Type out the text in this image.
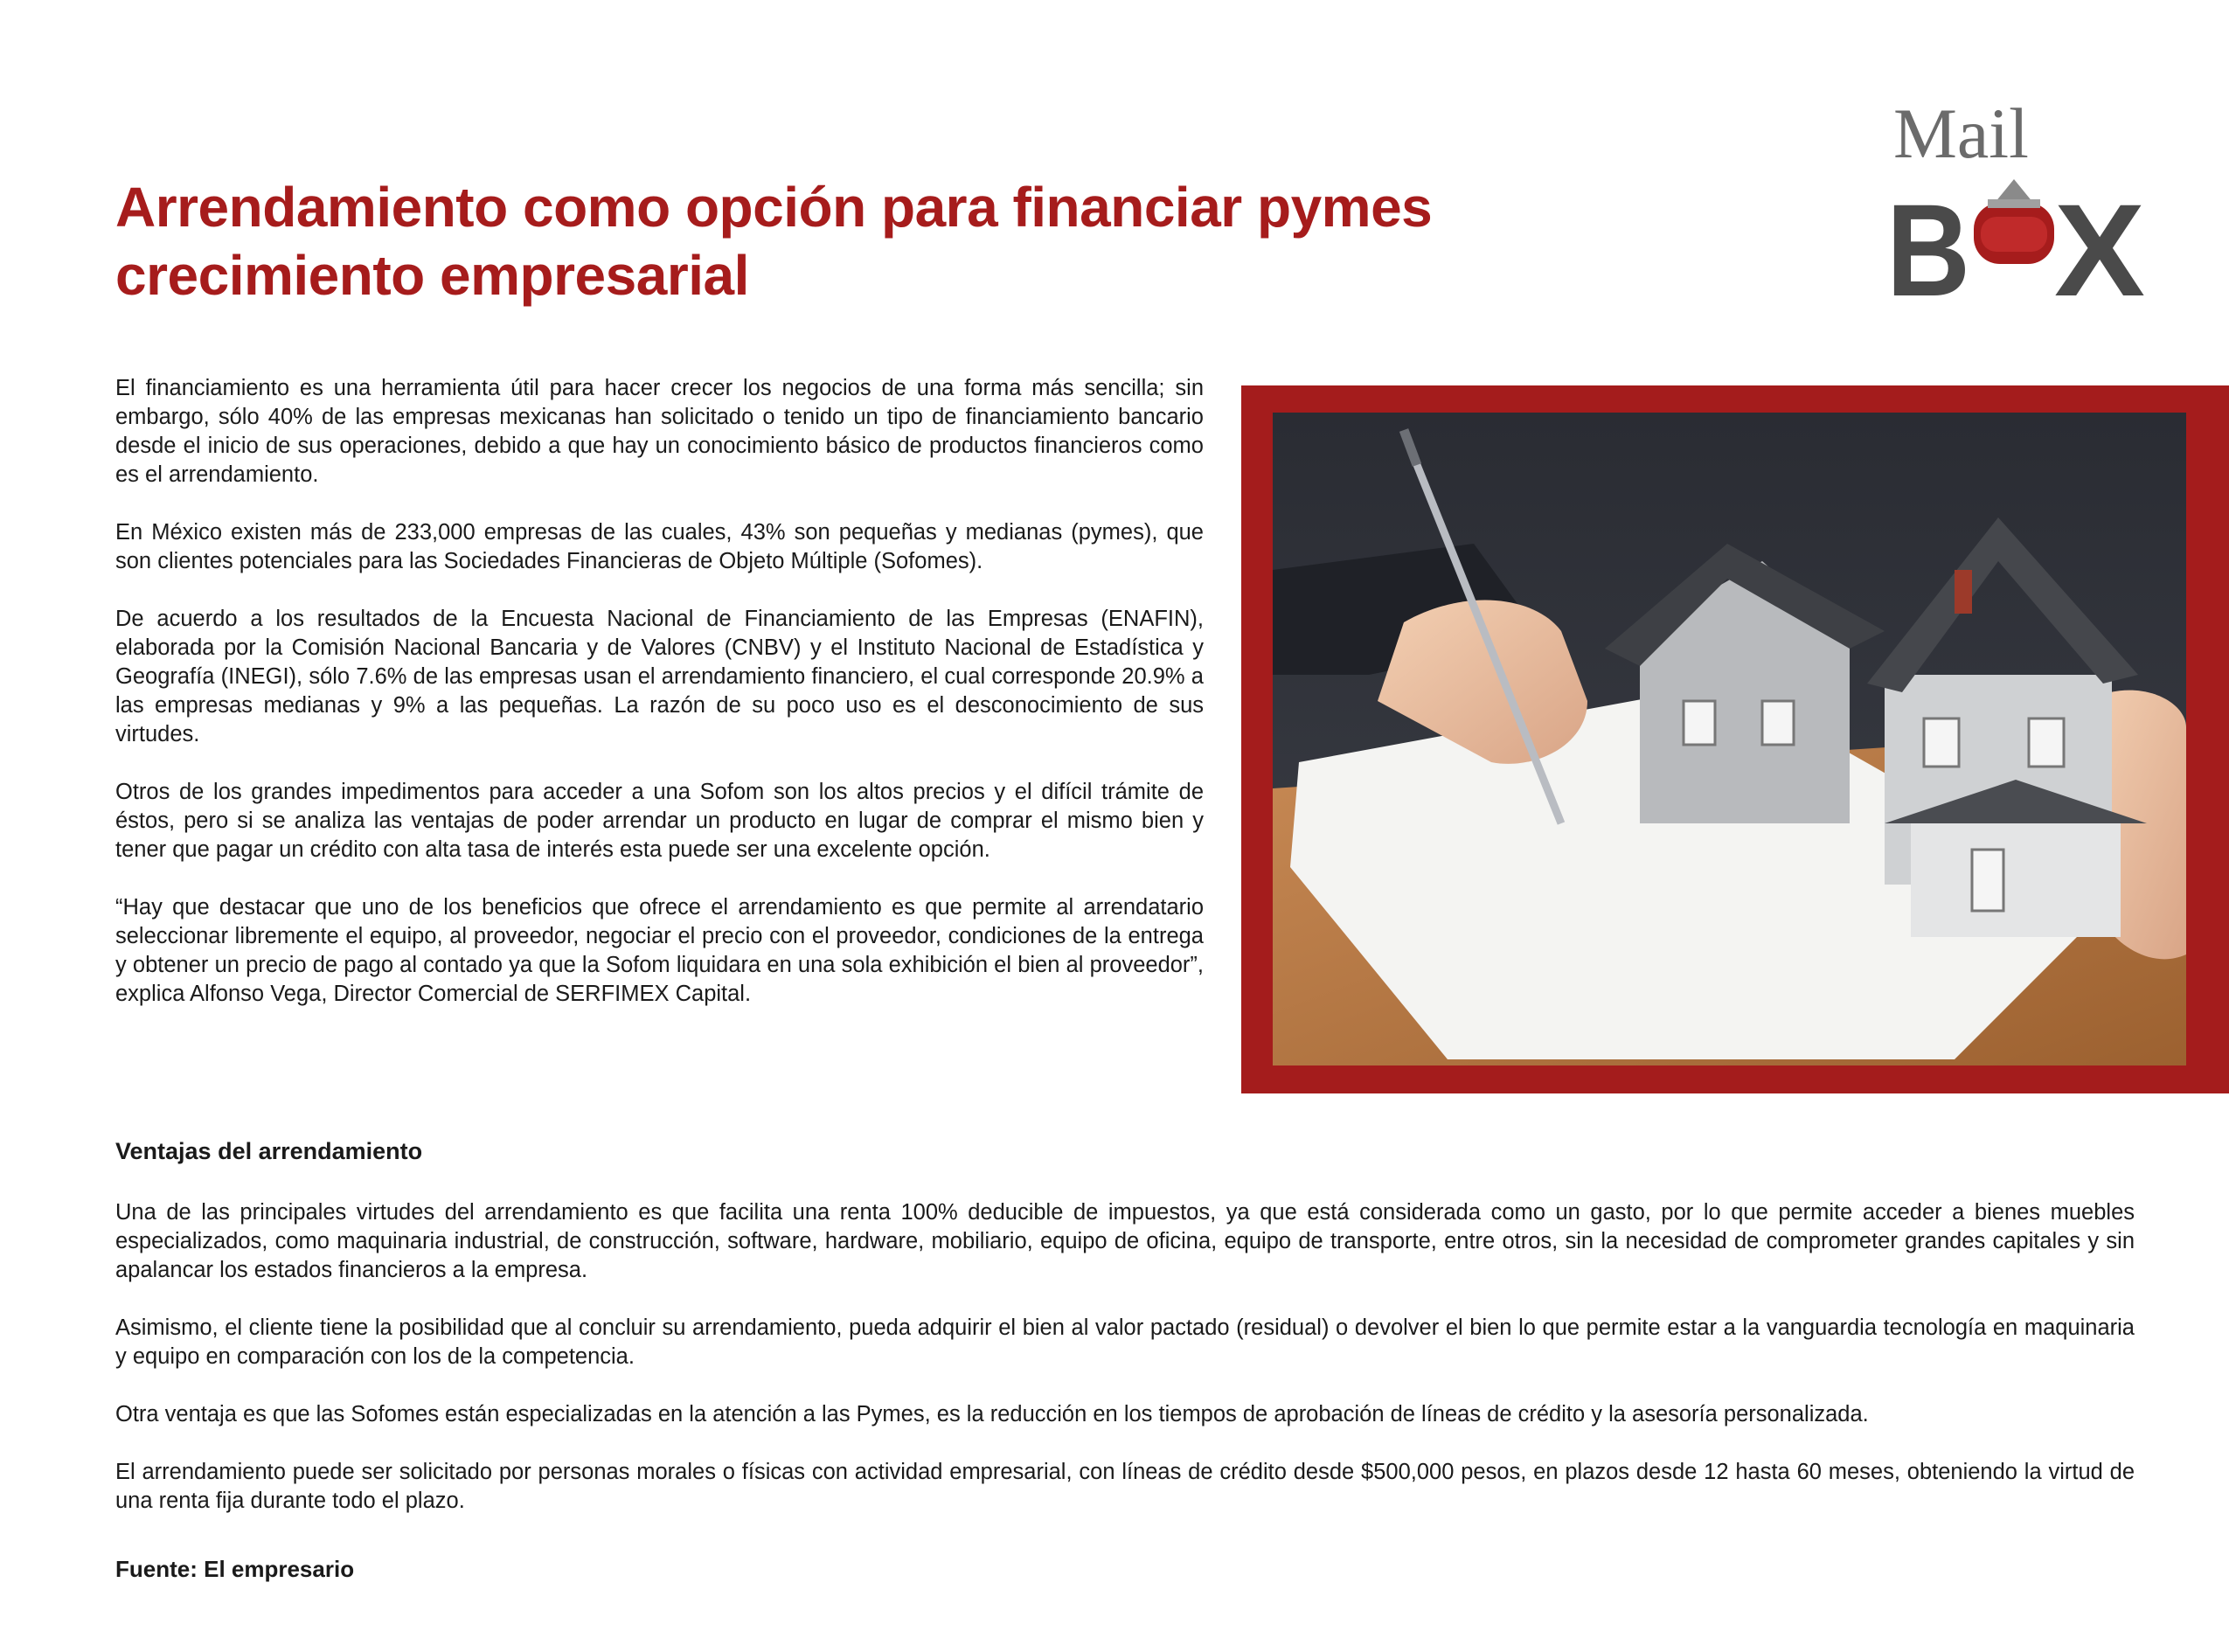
Arrendamiento como opción para financiar pymes
crecimiento empresarial
Mail
B X

El financiamiento es una herramienta útil para hacer crecer los negocios de una forma más sencilla; sin embargo, sólo 40% de las empresas mexicanas han solicitado o tenido un tipo de financiamiento bancario desde el inicio de sus operaciones, debido a que hay un conocimiento básico de productos financieros como es el arrendamiento.

En México existen más de 233,000 empresas de las cuales, 43% son pequeñas y medianas (pymes), que son clientes potenciales para las Sociedades Financieras de Objeto Múltiple (Sofomes).

De acuerdo a los resultados de la Encuesta Nacional de Financiamiento de las Empresas (ENAFIN), elaborada por la Comisión Nacional Bancaria y de Valores (CNBV) y el Instituto Nacional de Estadística y Geografía (INEGI), sólo 7.6% de las empresas usan el arrendamiento financiero, el cual corresponde 20.9% a las empresas medianas y 9% a las pequeñas. La razón de su poco uso es el desconocimiento de sus virtudes.

Otros de los grandes impedimentos para acceder a una Sofom son los altos precios y el difícil trámite de éstos, pero si se analiza las ventajas de poder arrendar un producto en lugar de comprar el mismo bien y tener que pagar un crédito con alta tasa de interés esta puede ser una excelente opción.

“Hay que destacar que uno de los beneficios que ofrece el arrendamiento es que permite al arrendatario seleccionar libremente el equipo, al proveedor, negociar el precio con el proveedor, condiciones de la entrega y obtener un precio de pago al contado ya que la Sofom liquidara en una sola exhibición el bien al proveedor”, explica Alfonso Vega, Director Comercial de SERFIMEX Capital.

Ventajas del arrendamiento

Una de las principales virtudes del arrendamiento es que facilita una renta 100% deducible de impuestos, ya que está considerada como un gasto, por lo que permite acceder a bienes muebles especializados, como maquinaria industrial, de construcción, software, hardware, mobiliario, equipo de oficina, equipo de transporte, entre otros, sin la necesidad de comprometer grandes capitales y sin apalancar los estados financieros a la empresa.

Asimismo, el cliente tiene la posibilidad que al concluir su arrendamiento, pueda adquirir el bien al valor pactado (residual) o devolver el bien lo que permite estar a la vanguardia tecnología en maquinaria y equipo en comparación con los de la competencia.

Otra ventaja es que las Sofomes están especializadas en la atención a las Pymes, es la reducción en los tiempos de aprobación de líneas de crédito y la asesoría personalizada.

El arrendamiento puede ser solicitado por personas morales o físicas con actividad empresarial, con líneas de crédito desde $500,000 pesos, en plazos desde 12 hasta 60 meses, obteniendo la virtud de una renta fija durante todo el plazo.

Fuente: El empresario
